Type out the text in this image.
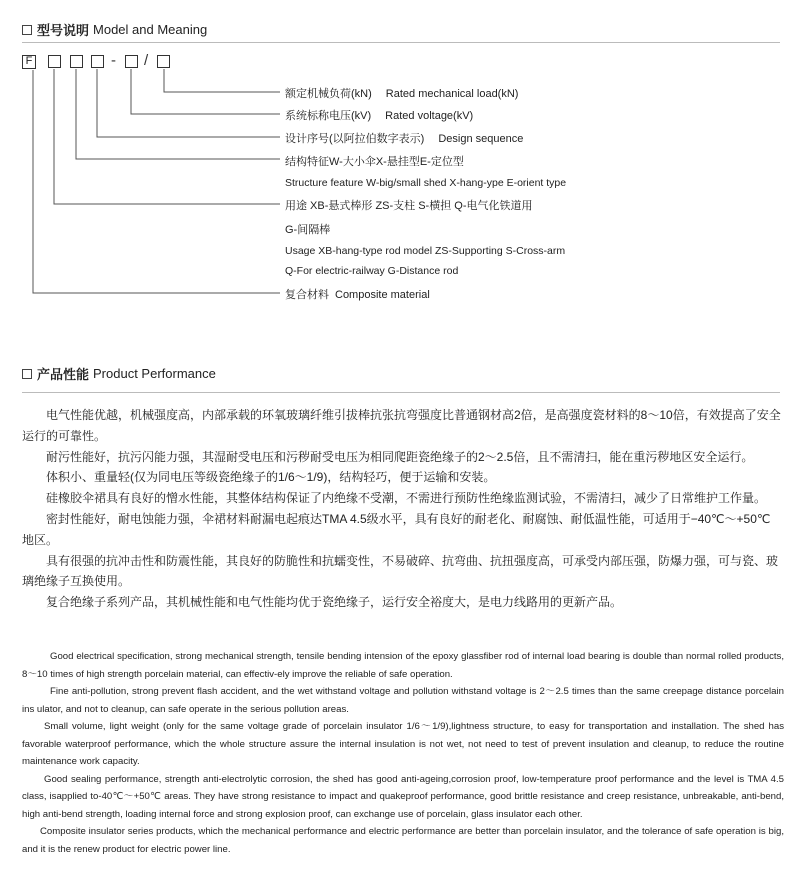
型号说明 Model and Meaning
F	- /
额定机械负荷(kN) Rated mechanical load(kN)
系统标称电压(kV) Rated voltage(kV)
设计序号(以阿拉伯数字表示) Design sequence
结构特征W-大小伞X-悬挂型E-定位型
Structure feature W-big/small shed X-hang-ype E-orient type
用途 XB-悬式棒形 ZS-支柱 S-横担 Q-电气化铁道用
G-间隔棒
Usage XB-hang-type rod model ZS-Supporting S-Cross-arm
Q-For electric-railway G-Distance rod
复合材料 Composite material
产品性能 Product Performance

电气性能优越，机械强度高，内部承载的环氧玻璃纤维引拔棒抗张抗弯强度比普通钢材高2倍，是高强度瓷材料的8～10倍，有效提高了安全运行的可靠性。

耐污性能好，抗污闪能力强，其湿耐受电压和污秽耐受电压为相同爬距瓷绝缘子的2～2.5倍，且不需清扫，能在重污秽地区安全运行。

体积小、重量轻(仅为同电压等级瓷绝缘子的1/6～1/9)，结构轻巧，便于运输和安装。

硅橡胶伞裙具有良好的憎水性能，其整体结构保证了内绝缘不受潮，不需进行预防性绝缘监测试验，不需清扫，减少了日常维护工作量。

密封性能好，耐电蚀能力强，伞裙材料耐漏电起痕达TMA 4.5级水平，具有良好的耐老化、耐腐蚀、耐低温性能，可适用于−40℃～+50℃地区。

具有很强的抗冲击性和防震性能，其良好的防脆性和抗蠕变性，不易破碎、抗弯曲、抗扭强度高，可承受内部压强，防爆力强，可与瓷、玻璃绝缘子互换使用。

复合绝缘子系列产品，其机械性能和电气性能均优于瓷绝缘子，运行安全裕度大，是电力线路用的更新产品。

Good electrical specification, strong mechanical strength, tensile bending intension of the epoxy glassfiber rod of internal load bearing is double than normal rolled products, 8～10 times of high strength porcelain material, can effectiv-ely improve the reliable of safe operation.

Fine anti-pollution, strong prevent flash accident, and the wet withstand voltage and pollution withstand voltage is 2～2.5 times than the same creepage distance porcelain ins ulator, and not to cleanup, can safe operate in the serious pollution areas.

Small volume, light weight (only for the same voltage grade of porcelain insulator 1/6～1/9),lightness structure, to easy for transportation and installation. The shed has favorable waterproof performance, which the whole structure assure the internal insulation is not wet, not need to test of prevent insulation and cleanup, to reduce the routine maintenance work capacity.

Good sealing performance, strength anti-electrolytic corrosion, the shed has good anti-ageing,corrosion proof, low-temperature proof performance and the level is TMA 4.5 class, isapplied to-40℃～+50℃ areas. They have strong resistance to impact and quakeproof performance, good brittle resistance and creep resistance, unbreakable, anti-bend, high anti-bend strength, loading internal force and strong explosion proof, can exchange use of porcelain, glass insulator each other.

Composite insulator series products, which the mechanical performance and electric performance are better than porcelain insulator, and the tolerance of safe operation is big, and it is the renew product for electric power line.
